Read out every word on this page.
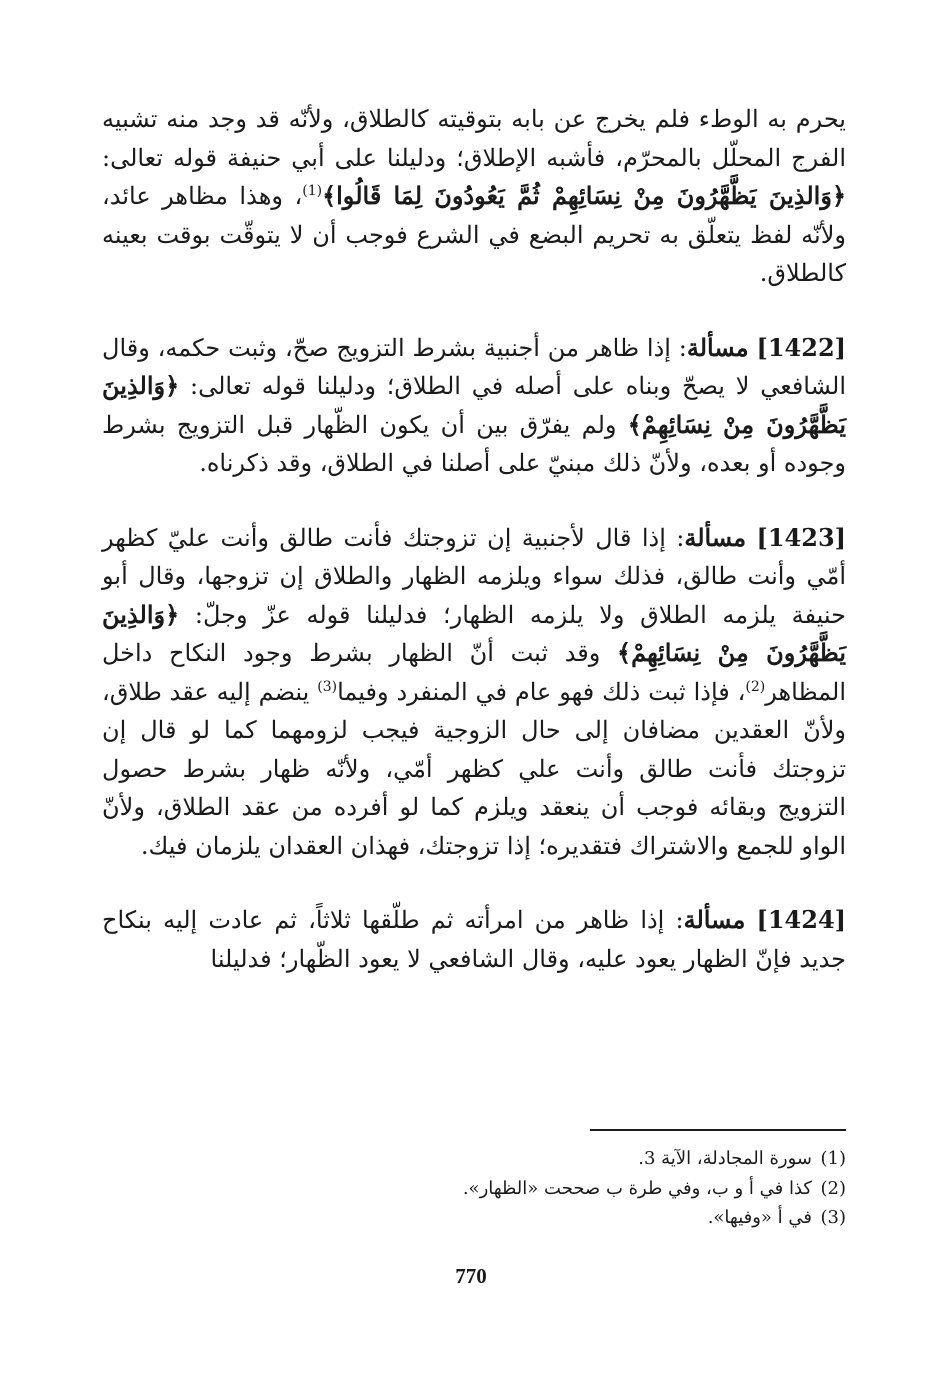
يحرم به الوطء فلم يخرج عن بابه بتوقيته كالطلاق، ولأنّه قد وجد منه تشبيه الفرج المحلّل بالمحرّم، فأشبه الإطلاق؛ ودليلنا على أبي حنيفة قوله تعالى: ﴿وَالذِينَ يَظَّهَّرُونَ مِنْ نِسَائِهِمْ ثُمَّ يَعُودُونَ لِمَا قَالُوا﴾$^{(1)}$، وهذا مظاهر عائد، ولأنّه لفظ يتعلّق به تحريم البضع في الشرع فوجب أن لا يتوقّت بوقت بعينه كالطلاق.

[1422] مسألة: إذا ظاهر من أجنبية بشرط التزويج صحّ، وثبت حكمه، وقال الشافعي لا يصحّ وبناه على أصله في الطلاق؛ ودليلنا قوله تعالى: ﴿وَالذِينَ يَظَّهَّرُونَ مِنْ نِسَائِهِمْ﴾ ولم يفرّق بين أن يكون الظّهار قبل التزويج بشرط وجوده أو بعده، ولأنّ ذلك مبنيّ على أصلنا في الطلاق، وقد ذكرناه.

[1423] مسألة: إذا قال لأجنبية إن تزوجتك فأنت طالق وأنت عليّ كظهر أمّي وأنت طالق، فذلك سواء ويلزمه الظهار والطلاق إن تزوجها، وقال أبو حنيفة يلزمه الطلاق ولا يلزمه الظهار؛ فدليلنا قوله عزّ وجلّ: ﴿وَالذِينَ يَظَّهَّرُونَ مِنْ نِسَائِهِمْ﴾ وقد ثبت أنّ الظهار بشرط وجود النكاح داخل المظاهر$^{(2)}$، فإذا ثبت ذلك فهو عام في المنفرد وفيما$^{(3)}$ ينضم إليه عقد طلاق، ولأنّ العقدين مضافان إلى حال الزوجية فيجب لزومهما كما لو قال إن تزوجتك فأنت طالق وأنت علي كظهر أمّي، ولأنّه ظهار بشرط حصول التزويج وبقائه فوجب أن ينعقد ويلزم كما لو أفرده من عقد الطلاق، ولأنّ الواو للجمع والاشتراك فتقديره؛ إذا تزوجتك، فهذان العقدان يلزمان فيك.

[1424] مسألة: إذا ظاهر من امرأته ثم طلّقها ثلاثاً، ثم عادت إليه بنكاح جديد فإنّ الظهار يعود عليه، وقال الشافعي لا يعود الظّهار؛ فدليلنا

(1)سورة المجادلة، الآية 3.

(2)كذا في أ و ب، وفي طرة ب صححت «الظهار».

(3)في أ «وفيها».

770
